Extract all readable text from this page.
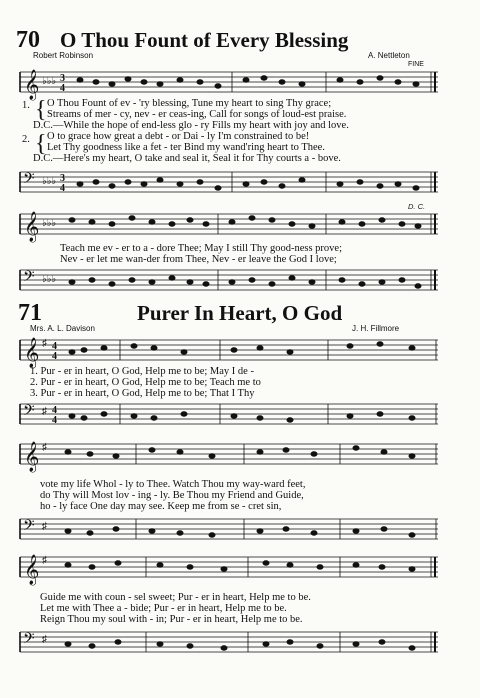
70 O Thou Fount of Every Blessing
Robert Robinson	A. Nettleton
FINE
𝄞 ♭♭♭ 3
4
1. { O Thou Fount of ev - 'ry blessing, Tune my heart to sing Thy grace;
Streams of mer - cy, nev - er ceas-ing, Call for songs of loud-est praise.
D.C.—While the hope of end-less glo - ry Fills my heart with joy and love.
2. { O to grace how great a debt - or Dai - ly I'm constrained to be!
Let Thy goodness like a fet - ter Bind my wand'ring heart to Thee.
D.C.—Here's my heart, O take and seal it, Seal it for Thy courts a - bove.
𝄢 ♭♭♭ 3
4
D. C.
𝄞 ♭♭♭
Teach me ev - er to a - dore Thee; May I still Thy good-ness prove;
Nev - er let me wan-der from Thee, Nev - er leave the God I love;
𝄢 ♭♭♭
71	Purer In Heart, O God
Mrs. A. L. Davison	J. H. Fillmore
𝄞 ♯ 4
4
1. Pur - er in heart, O God, Help me to be; May I de -
2. Pur - er in heart, O God, Help me to be; Teach me to
3. Pur - er in heart, O God, Help me to be; That I Thy
𝄢 ♯ 4
4
𝄞 ♯
vote my life Whol - ly to Thee. Watch Thou my way-ward feet,
do Thy will Most lov - ing - ly. Be Thou my Friend and Guide,
ho - ly face One day may see. Keep me from se - cret sin,
𝄢 ♯
𝄞 ♯
Guide me with coun - sel sweet; Pur - er in heart, Help me to be.
Let me with Thee a - bide; Pur - er in heart, Help me to be.
Reign Thou my soul with - in; Pur - er in heart, Help me to be.
𝄢 ♯
